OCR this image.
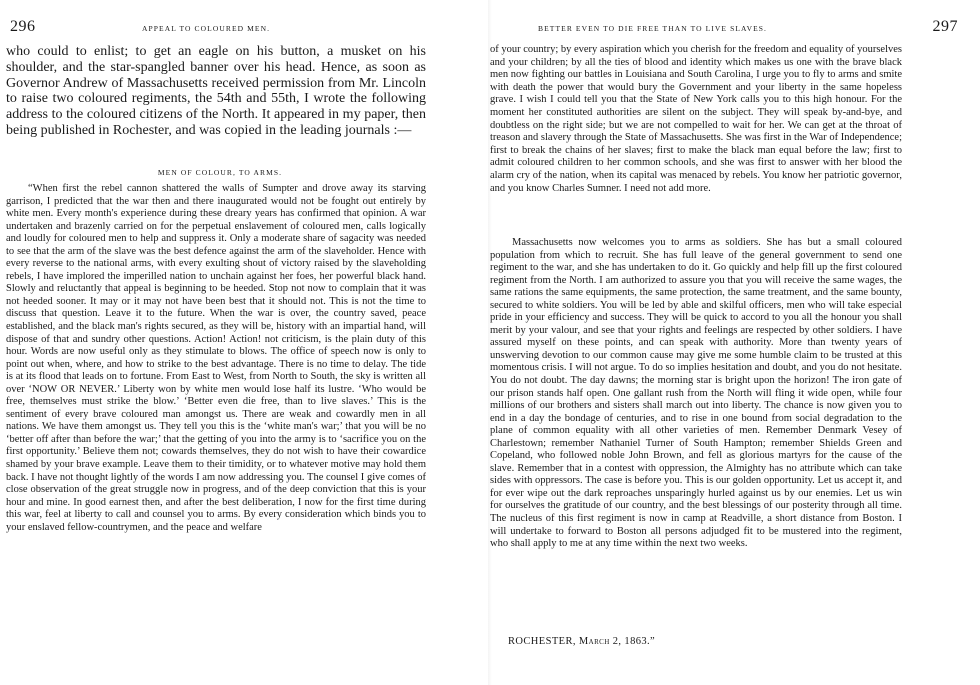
296	APPEAL TO COLOURED MEN.

who could to enlist; to get an eagle on his button, a musket on his shoulder, and the star-spangled banner over his head. Hence, as soon as Governor Andrew of Massachusetts received permission from Mr. Lincoln to raise two coloured regiments, the 54th and 55th, I wrote the following address to the coloured citizens of the North. It appeared in my paper, then being published in Rochester, and was copied in the leading journals :—

MEN OF COLOUR, TO ARMS.

“When first the rebel cannon shattered the walls of Sumpter and drove away its starving garrison, I predicted that the war then and there inaugurated would not be fought out entirely by white men. Every month's experience during these dreary years has confirmed that opinion. A war undertaken and brazenly carried on for the perpetual enslavement of coloured men, calls logically and loudly for coloured men to help and suppress it. Only a moderate share of sagacity was needed to see that the arm of the slave was the best defence against the arm of the slaveholder. Hence with every reverse to the national arms, with every exulting shout of victory raised by the slaveholding rebels, I have implored the imperilled nation to unchain against her foes, her powerful black hand. Slowly and reluctantly that appeal is beginning to be heeded. Stop not now to complain that it was not heeded sooner. It may or it may not have been best that it should not. This is not the time to discuss that question. Leave it to the future. When the war is over, the country saved, peace established, and the black man's rights secured, as they will be, history with an impartial hand, will dispose of that and sundry other questions. Action! Action! not criticism, is the plain duty of this hour. Words are now useful only as they stimulate to blows. The office of speech now is only to point out when, where, and how to strike to the best advantage. There is no time to delay. The tide is at its flood that leads on to fortune. From East to West, from North to South, the sky is written all over ‘NOW OR NEVER.’ Liberty won by white men would lose half its lustre. ‘Who would be free, themselves must strike the blow.’ ‘Better even die free, than to live slaves.’ This is the sentiment of every brave coloured man amongst us. There are weak and cowardly men in all nations. We have them amongst us. They tell you this is the ‘white man's war;’ that you will be no ‘better off after than before the war;’ that the getting of you into the army is to ‘sacrifice you on the first opportunity.’ Believe them not; cowards themselves, they do not wish to have their cowardice shamed by your brave example. Leave them to their timidity, or to whatever motive may hold them back. I have not thought lightly of the words I am now addressing you. The counsel I give comes of close observation of the great struggle now in progress, and of the deep conviction that this is your hour and mine. In good earnest then, and after the best deliberation, I now for the first time during this war, feel at liberty to call and counsel you to arms. By every consideration which binds you to your enslaved fellow-countrymen, and the peace and welfare

BETTER EVEN TO DIE FREE THAN TO LIVE SLAVES.	297

of your country; by every aspiration which you cherish for the freedom and equality of yourselves and your children; by all the ties of blood and identity which makes us one with the brave black men now fighting our battles in Louisiana and South Carolina, I urge you to fly to arms and smite with death the power that would bury the Government and your liberty in the same hopeless grave. I wish I could tell you that the State of New York calls you to this high honour. For the moment her constituted authorities are silent on the subject. They will speak by-and-bye, and doubtless on the right side; but we are not compelled to wait for her. We can get at the throat of treason and slavery through the State of Massachusetts. She was first in the War of Independence; first to break the chains of her slaves; first to make the black man equal before the law; first to admit coloured children to her common schools, and she was first to answer with her blood the alarm cry of the nation, when its capital was menaced by rebels. You know her patriotic governor, and you know Charles Sumner. I need not add more.

Massachusetts now welcomes you to arms as soldiers. She has but a small coloured population from which to recruit. She has full leave of the general government to send one regiment to the war, and she has undertaken to do it. Go quickly and help fill up the first coloured regiment from the North. I am authorized to assure you that you will receive the same wages, the same rations the same equipments, the same protection, the same treatment, and the same bounty, secured to white soldiers. You will be led by able and skilful officers, men who will take especial pride in your efficiency and success. They will be quick to accord to you all the honour you shall merit by your valour, and see that your rights and feelings are respected by other soldiers. I have assured myself on these points, and can speak with authority. More than twenty years of unswerving devotion to our common cause may give me some humble claim to be trusted at this momentous crisis. I will not argue. To do so implies hesitation and doubt, and you do not hesitate. You do not doubt. The day dawns; the morning star is bright upon the horizon! The iron gate of our prison stands half open. One gallant rush from the North will fling it wide open, while four millions of our brothers and sisters shall march out into liberty. The chance is now given you to end in a day the bondage of centuries, and to rise in one bound from social degradation to the plane of common equality with all other varieties of men. Remember Denmark Vesey of Charlestown; remember Nathaniel Turner of South Hampton; remember Shields Green and Copeland, who followed noble John Brown, and fell as glorious martyrs for the cause of the slave. Remember that in a contest with oppression, the Almighty has no attribute which can take sides with oppressors. The case is before you. This is our golden opportunity. Let us accept it, and for ever wipe out the dark reproaches unsparingly hurled against us by our enemies. Let us win for ourselves the gratitude of our country, and the best blessings of our posterity through all time. The nucleus of this first regiment is now in camp at Readville, a short distance from Boston. I will undertake to forward to Boston all persons adjudged fit to be mustered into the regiment, who shall apply to me at any time within the next two weeks.

ROCHESTER, March 2, 1863.”
